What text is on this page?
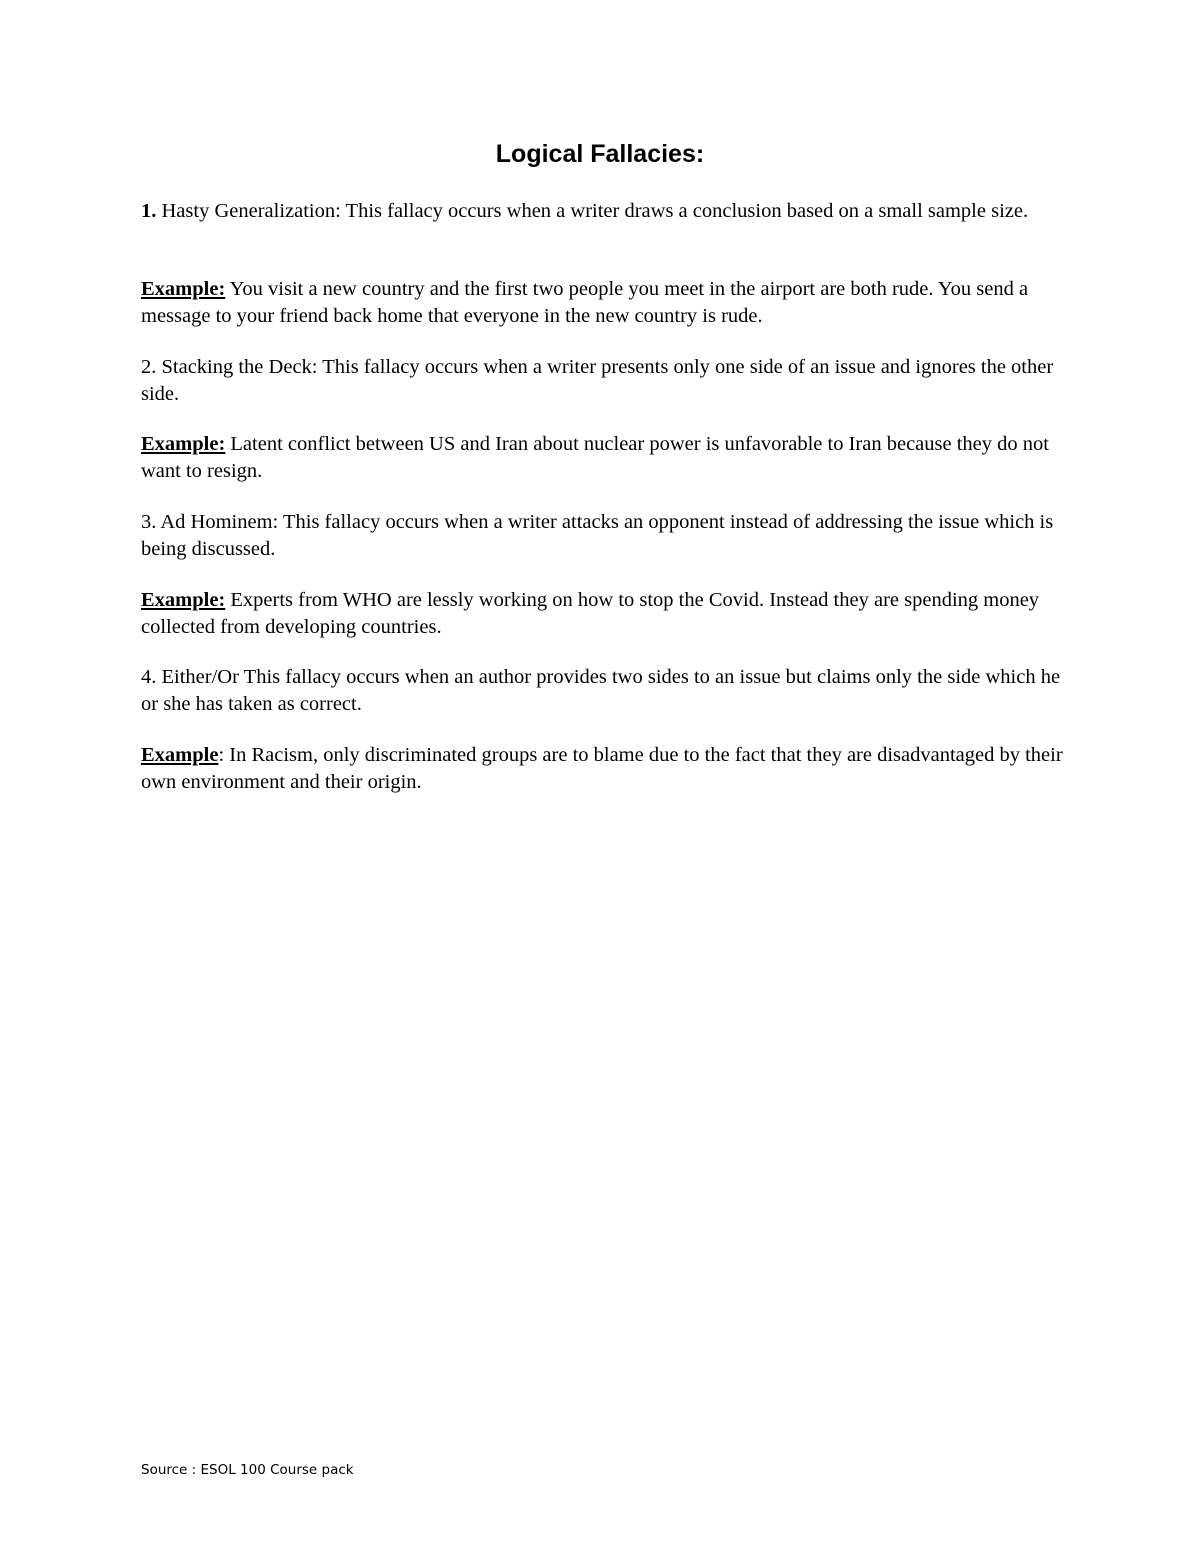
Logical Fallacies:

1. Hasty Generalization: This fallacy occurs when a writer draws a conclusion based on a small sample size.

Example: You visit a new country and the first two people you meet in the airport are both rude. You send a message to your friend back home that everyone in the new country is rude.

2. Stacking the Deck: This fallacy occurs when a writer presents only one side of an issue and ignores the other side.

Example: Latent conflict between US and Iran about nuclear power is unfavorable to Iran because they do not want to resign.

3. Ad Hominem: This fallacy occurs when a writer attacks an opponent instead of addressing the issue which is being discussed.

Example: Experts from WHO are lessly working on how to stop the Covid. Instead they are spending money collected from developing countries.

4. Either/Or This fallacy occurs when an author provides two sides to an issue but claims only the side which he or she has taken as correct.

Example: In Racism, only discriminated groups are to blame due to the fact that they are disadvantaged by their own environment and their origin.

Source : ESOL 100 Course pack
